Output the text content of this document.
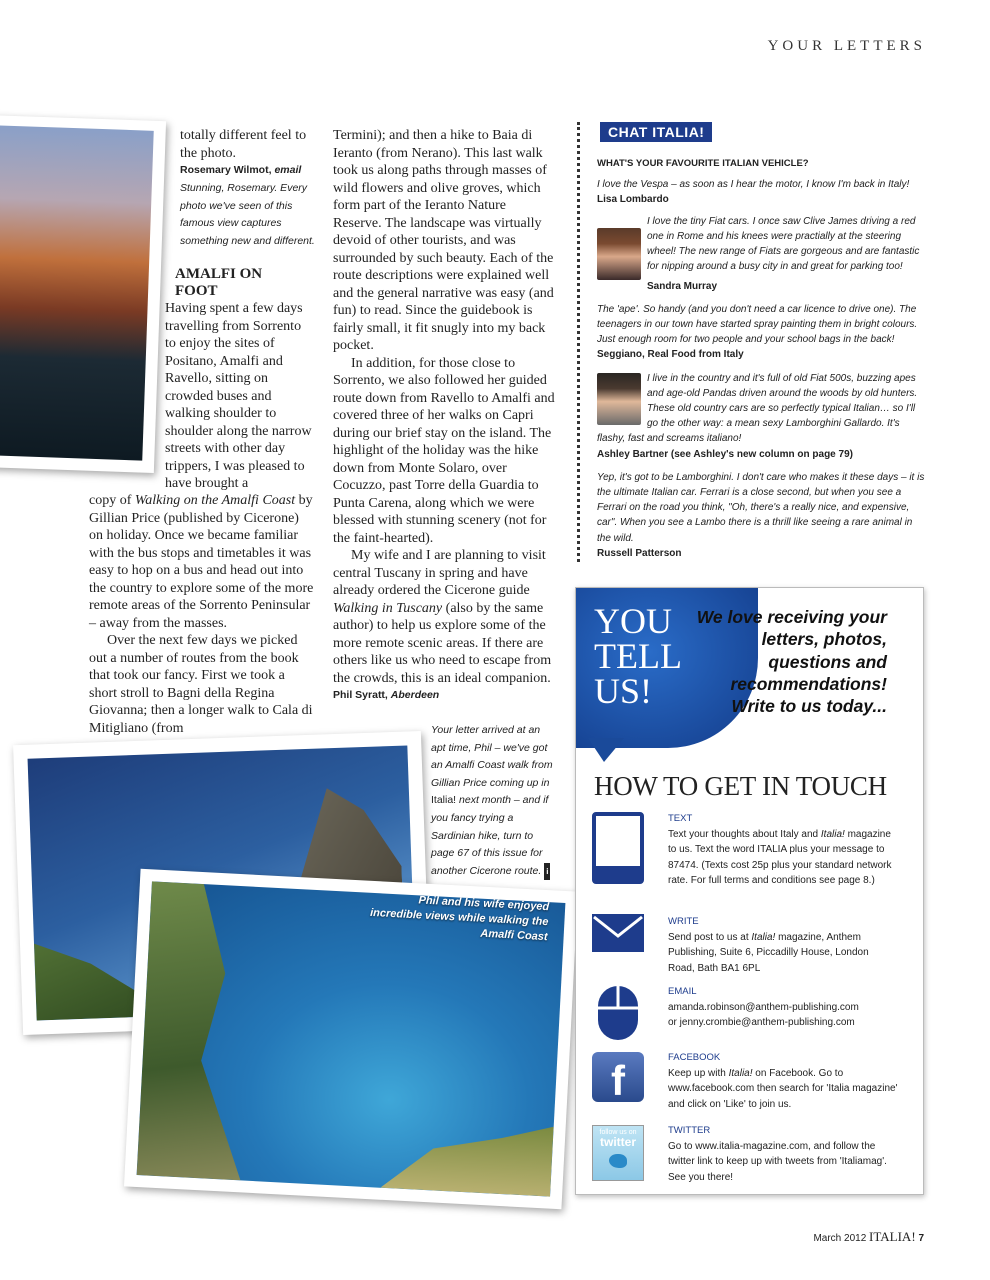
YOUR LETTERS
Phil and his wife enjoyed incredible views while walking the Amalfi Coast

totally different feel to the photo.

Rosemary Wilmot, email

Stunning, Rosemary. Every photo we've seen of this famous view captures something new and different.

AMALFI ON FOOT

Having spent a few days travelling from Sorrento to enjoy the sites of Positano, Amalfi and Ravello, sitting on crowded buses and walking shoulder to shoulder along the narrow streets with other day trippers, I was pleased to have brought a

copy of Walking on the Amalfi Coast by Gillian Price (published by Cicerone) on holiday. Once we became familiar with the bus stops and timetables it was easy to hop on a bus and head out into the country to explore some of the more remote areas of the Sorrento Peninsular – away from the masses.

Over the next few days we picked out a number of routes from the book that took our fancy. First we took a short stroll to Bagni della Regina Giovanna; then a longer walk to Cala di Mitigliano (from

Termini); and then a hike to Baia di Ieranto (from Nerano). This last walk took us along paths through masses of wild flowers and olive groves, which form part of the Ieranto Nature Reserve. The landscape was virtually devoid of other tourists, and was surrounded by such beauty. Each of the route descriptions were explained well and the general narrative was easy (and fun) to read. Since the guidebook is fairly small, it fit snugly into my back pocket.

In addition, for those close to Sorrento, we also followed her guided route down from Ravello to Amalfi and covered three of her walks on Capri during our brief stay on the island. The highlight of the holiday was the hike down from Monte Solaro, over Cocuzzo, past Torre della Guardia to Punta Carena, along which we were blessed with stunning scenery (not for the faint-hearted).

My wife and I are planning to visit central Tuscany in spring and have already ordered the Cicerone guide Walking in Tuscany (also by the same author) to help us explore some of the more remote scenic areas. If there are others like us who need to escape from the crowds, this is an ideal companion.

Phil Syratt, Aberdeen

Your letter arrived at an apt time, Phil – we've got an Amalfi Coast walk from Gillian Price coming up in Italia! next month – and if you fancy trying a Sardinian hike, turn to page 67 of this issue for another Cicerone route. i
CHAT ITALIA!

WHAT'S YOUR FAVOURITE ITALIAN VEHICLE?

I love the Vespa – as soon as I hear the motor, I know I'm back in Italy!

Lisa Lombardo

I love the tiny Fiat cars. I once saw Clive James driving a red one in Rome and his knees were practially at the steering wheel! The new range of Fiats are gorgeous and are fantastic for nipping around a busy city in and great for parking too!

Sandra Murray

The 'ape'. So handy (and you don't need a car licence to drive one). The teenagers in our town have started spray painting them in bright colours. Just enough room for two people and your school bags in the back!

Seggiano, Real Food from Italy

I live in the country and it's full of old Fiat 500s, buzzing apes and age-old Pandas driven around the woods by old hunters. These old country cars are so perfectly typical Italian… so I'll go the other way: a mean sexy Lamborghini Gallardo. It's flashy, fast and screams italiano!

Ashley Bartner (see Ashley's new column on page 79)

Yep, it's got to be Lamborghini. I don't care who makes it these days – it is the ultimate Italian car. Ferrari is a close second, but when you see a Ferrari on the road you think, "Oh, there's a really nice, and expensive, car". When you see a Lambo there is a thrill like seeing a rare animal in the wild.

Russell Patterson

YOU
TELL
US!
We love receiving your letters, photos, questions and recommendations! Write to us today...
HOW TO GET IN TOUCH

TEXT

Text your thoughts about Italy and Italia! magazine to us. Text the word ITALIA plus your message to 87474. (Texts cost 25p plus your standard network rate. For full terms and conditions see page 8.)

WRITE

Send post to us at Italia! magazine, Anthem Publishing, Suite 6, Piccadilly House, London Road, Bath BA1 6PL

EMAIL

amanda.robinson@anthem-publishing.com

or jenny.crombie@anthem-publishing.com

f	FACEBOOK

Keep up with Italia! on Facebook. Go to www.facebook.com then search for 'Italia magazine' and click on 'Like' to join us.

follow us on
twitter

TWITTER

Go to www.italia-magazine.com, and follow the twitter link to keep up with tweets from 'Italiamag'. See you there!

March 2012 ITALIA! 7
